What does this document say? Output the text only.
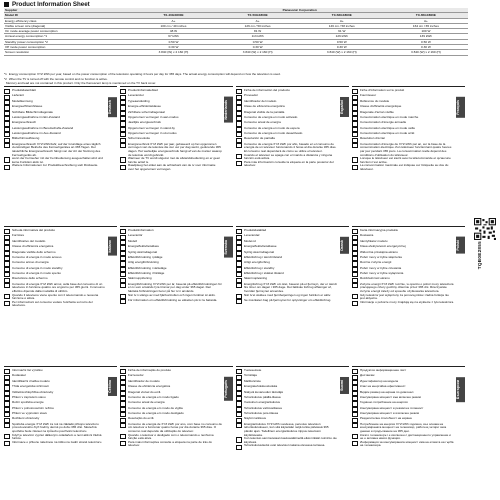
Product Information Sheet
Supplier	Panasonic Corporation			
Model ID	TX-40GX800E	TX-50GX800E	TX-58GX800E	TX-65GX800E
Energy efficiency class	A+	A+	A+	A+
Visible screen size (diagonal)	100 cm / 40 inches	126 cm / 50 inches	146 cm / 58 inches	164 cm / 65 inches
On mode average power consumption	48 W	81 W	91 W	100 W
Annual energy consumption *1	67 kWh	113 kWh	126 kWh	139 kWh
Standby power consumption *2	0.50 W	0.50 W	0.50 W	0.50 W
Off mode power consumption	0.30 W	0.30 W	0.30 W	0.30 W
Screen resolution	3 840 (W) x 2 160 (H)	3 840 (W) x 2 160 (H)	3 840 (W) x 2 160 (H)	3 840 (W) x 2 160 (H)
*1 Energy consumption XYZ kWh per year, based on the power consumption of the television operating 4 hours per day for 365 days. The actual energy consumption will depend on how the television is used.
*2 When the TV is turned off with the remote control and no function is active.
Mercury and lead are not contained in this product. Only the fluorescent lamp is mentioned on the TV back cover.
Deutsch
Produktdatenblatt
Lieferant
Modellkennung
Energieeffizienzklasse
Sichtbare Bildschirmdiagonale
Leistungsaufnahme im Ein-Zustand
Energieverbrauch
Leistungsaufnahme im Bereitschafts-Zustand
Leistungsaufnahme im Aus-Zustand
Bildschirmauflösung
Energieverbrauch XYZ kWh/Jahr, auf der Grundlage eines täglich vierstündigen Betriebs des Fernsehgerätes an 365 Tagen. Der tatsächliche Energieverbrauch hängt von der Art der Nutzung des Fernsehgeräts ab.
wenn der Fernseher mit der Fernbedienung ausgeschaltet wird und keine Funktion aktiv ist.
Weitere Informationen zur Produktbeschreibung sieh Rückseite.
Nederlands
Productinformatieblad
Leverancier
Typeaanduiding
Energie-efficiëntieklasse
Zichtbare schermdiagonaal
Opgenomen vermogen in aan-modus
Jaarlijks energieverbruik
Opgenomen vermogen in stand-by
Opgenomen vermogen in uit-modus
Schermresolutie
Energieverbruik XYZ kWh per jaar, gebaseerd op het opgenomen vermogen van de televisie die vier uur per dag werkt, gedurende 365 dagen. Het werkelijke energieverbruik hangt af van de manier waarop de televisie wordt gebruikt.
Wanneer de TV wordt uitgezet met de afstandsbediening en er geen functie actief is.
Raadpleeg het etiket aan de achterkant van de tv voor informatie over het opgenomen vermogen.
Español
Ficha de información del producto
Proveedor
Identificador del modelo
Clase de eficiencia energética
Diagonal visible de la pantalla
Consumo de energía en modo activado
Consumo anual de energía
Consumo de energía en modo de espera
Consumo de energía en modo desactivado
Resolución de pantalla
Consumo de energía XYZ kWh por año, basado en el consumo de energía de un televisor funcionando 4 horas al día durante 365 días. El consumo real dependerá de cómo se utilice el televisor.
Cuando el televisor se apaga con el mando a distancia y ninguna función está activa.
Para más información consulte la etiqueta en la parte posterior del televisor.
Français
Fiche d'information sur le produit
Fournisseur
Référence du modèle
Classe d'efficacité énergétique
Diagonale d'écran visible
Consommation électrique en mode marche
Consommation d'énergie annuelle
Consommation électrique en mode veille
Consommation électrique en mode arrêt
Résolution d'écran
Consommation d'énergie de XYZ kWh par an, sur la base de la consommation électrique d'un téléviseur fonctionnant quatre heures par jour pendant 365 jours. La consommation réelle dépend des conditions d'utilisation du téléviseur.
Lorsque le téléviseur est éteint avec la télécommande et qu'aucune fonction n'est active.
La consommation maximale est indiquée sur l'étiquette au dos du téléviseur.
Italiano
Scheda informativa del prodotto
Fornitore
Identificativo del modello
Classe di efficienza energetica
Diagonale visibile dello schermo
Consumo di energia in modo acceso
Consumo annuo di energia
Consumo di energia in modo standby
Consumo di energia in modo spento
Risoluzione dello schermo
Consumo di energia XYZ kWh annui, sulla base del consumo di un televisore in funzione quattro ore al giorno per 365 giorni. Il consumo effettivo dipende dalla modalità di utilizzo.
Quando il televisore viene spento con il telecomando e nessuna funzione è attiva.
Per informazioni sul consumo vedere l'etichetta sul retro del televisore.
Svenska
Produktinformation
Leverantör
Modell
Energieffektivitetsklass
Synlig skärmdiagonal
Effektförbrukning i påläge
Årlig energiförbrukning
Effektförbrukning i vänteläge
Effektförbrukning i frånläge
Skärmupplösning
Energiförbrukning XYZ kWh per år, baserat på effektförbrukningen för en tv som används fyra timmar per dag under 365 dagar. Den faktiska förbrukningen beror på hur tv:n används.
När tv:n stängs av med fjärrkontrollen och ingen funktion är aktiv.
För information om effektförbrukning se etiketten på tv:ns baksida.
Dansk
Produktdatablad
Leverandør
Model-id
Energieffektivitetsklasse
Synlig skærmdiagonal
Effektforbrug i tændt tilstand
Årligt energiforbrug
Effektforbrug i standby
Effektforbrug i slukket tilstand
Skærmopløsning
Energiforbrug XYZ kWh om året, baseret på et fjernsyn, der er tændt fire timer om dagen i 365 dage. Det faktiske forbrug afhænger af, hvordan fjernsynet anvendes.
Når tv'et slukkes med fjernbetjeningen og ingen funktion er aktiv.
Se mærkaten bag på fjernsynet for oplysninger om effektforbrug.
Polski
Karta informacyjna produktu
Dostawca
Identyfikator modelu
Klasa efektywności energetycznej
Widoczna przekątna ekranu
Pobór mocy w trybie włączenia
Roczne zużycie energii
Pobór mocy w trybie czuwania
Pobór mocy w trybie wyłączenia
Rozdzielczość ekranu
Zużycie energii XYZ kWh rocznie, w oparciu o pobór mocy telewizora pracującego cztery godziny dziennie przez 365 dni. Rzeczywiste zużycie energii zależy od sposobu użytkowania telewizora.
Gdy telewizor jest wyłączony za pomocą pilota i żadna funkcja nie jest aktywna.
Informacje o poborze mocy znajdują się na etykiecie z tyłu telewizora.
Čeština
Informační list výrobku
Dodavatel
Identifikační značka modelu
Třída energetické účinnosti
Viditelná úhlopříčka obrazovky
Příkon v zapnutém stavu
Roční spotřeba energie
Příkon v pohotovostním režimu
Příkon ve vypnutém stavu
Rozlišení obrazovky
Spotřeba energie XYZ kWh za rok na základě příkonu televizoru provozovaného čtyři hodiny denně po dobu 365 dnů. Skutečná spotřeba bude záviset na způsobu používání televizoru.
Když je televizor vypnut dálkovým ovladačem a není aktivní žádná funkce.
Informace o příkonu naleznete na štítku na zadní straně televizoru.
Português
Ficha de informação do produto
Fornecedor
Identificador de modelo
Classe de eficiência energética
Diagonal visível do ecrã
Consumo de energia em modo ligado
Consumo anual de energia
Consumo de energia em modo de vigília
Consumo de energia em modo desligado
Resolução do ecrã
Consumo de energia de XYZ kWh por ano, com base no consumo de um televisor a funcionar quatro horas por dia durante 365 dias. O consumo real depende da utilização do televisor.
Quando o televisor é desligado com o telecomando e nenhuma função está ativa.
Para mais informações consulte a etiqueta na parte de trás do televisor.
Suomi
Tuoteseloste
Toimittaja
Mallitunniste
Energiatehokkuusluokka
Näkyvä kuvaruudun lävistäjä
Tehonkulutus päällä-tilassa
Vuotuinen energiankulutus
Tehonkulutus valmiustilassa
Tehonkulutus pois-tilassa
Näytön tarkkuus
Energiankulutus XYZ kWh vuodessa, perustuu television tehonkulutukseen, kun sitä käytetään neljä tuntia päivässä 365 päivän ajan. Todellinen energiankulutus riippuu television käyttötavasta.
Kun televisio sammutetaan kaukosäätimellä eikä mikään toiminto ole käytössä.
Tehonkulutustiedot ovat television takana olevassa tarrassa.
Български
Продуктов информационен лист
Доставчик
Идентификатор на модела
Клас на енергийна ефективност
Видим размер на екрана по диагонал
Консумирана мощност във включен режим
Годишно потребление на енергия
Консумирана мощност в режим на готовност
Консумирана мощност в изключен режим
Разделителна способност на екрана
Потребление на енергия XYZ kWh годишно, въз основа на консумираната мощност на телевизор, работещ четири часа дневно в продължение на 365 дни.
Когато телевизорът е изключен с дистанционното управление и не е активна никоя функция.
Информация за консумираната мощност има на етикета на гърба на телевизора.
TQB0E2855
